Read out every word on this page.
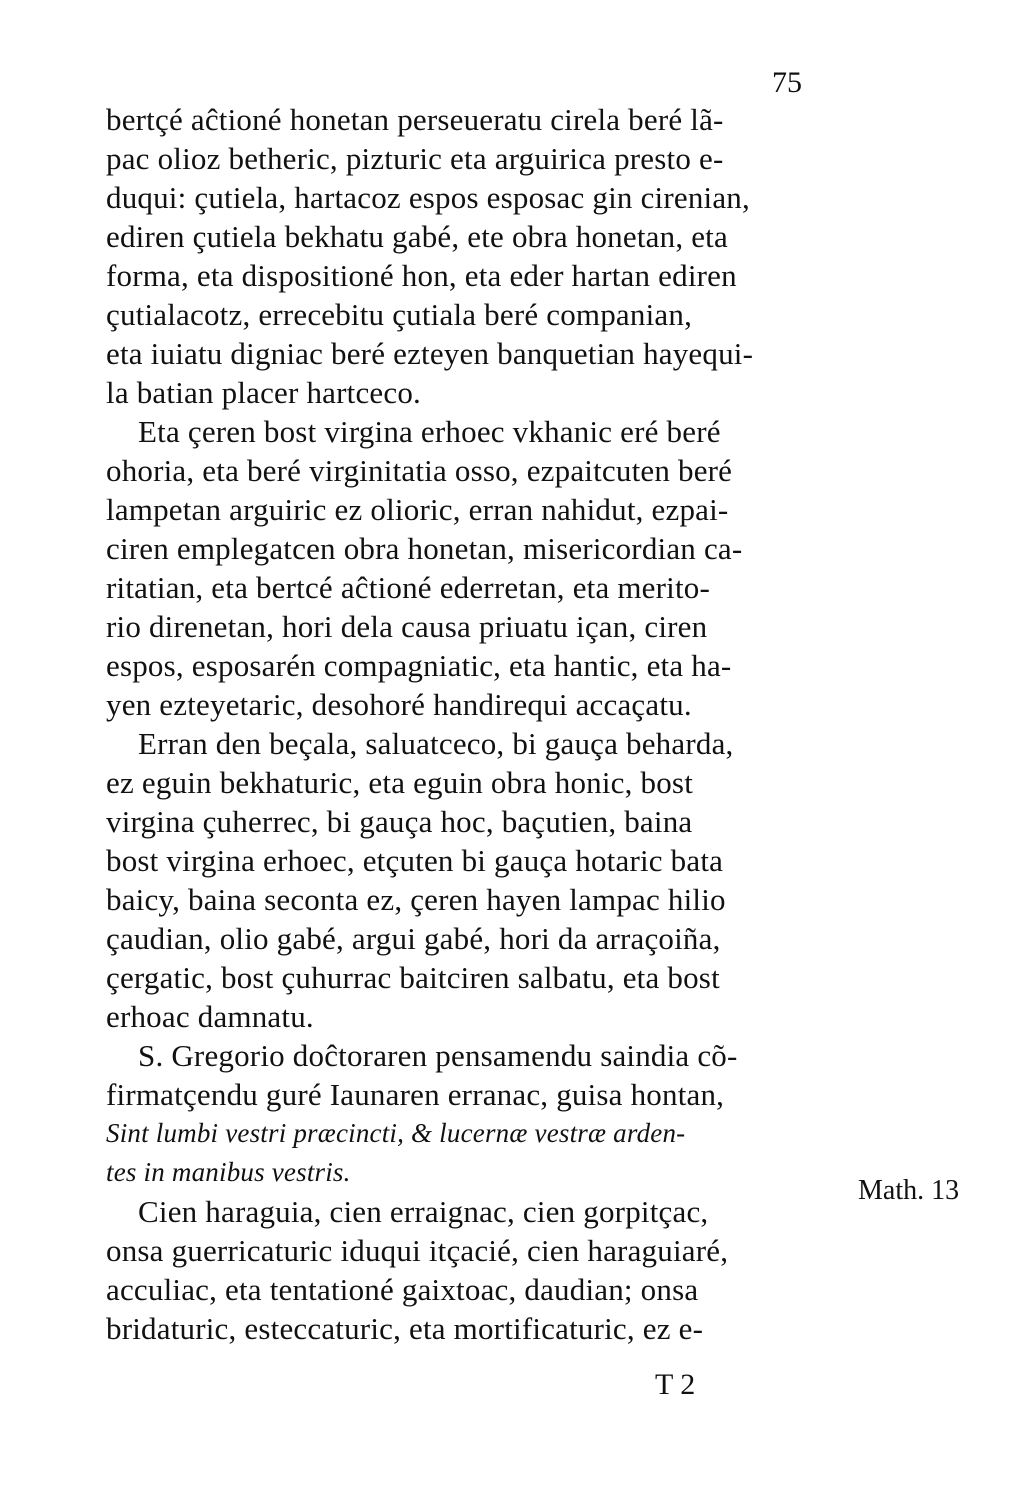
75
bertçé aĉtioné honetan perseueratu cirela beré lã-
pac olioz betheric, pizturic eta arguirica presto e-
duqui: çutiela, hartacoz espos esposac gin cirenian,
ediren çutiela bekhatu gabé, ete obra honetan, eta
forma, eta dispositioné hon, eta eder hartan ediren
çutialacotz, errecebitu çutiala beré companian,
eta iuiatu digniac beré ezteyen banquetian hayequi-
la batian placer hartceco.
Eta çeren bost virgina erhoec vkhanic eré beré
ohoria, eta beré virginitatia osso, ezpaitcuten beré
lampetan arguiric ez olioric, erran nahidut, ezpai-
ciren emplegatcen obra honetan, misericordian ca-
ritatian, eta bertcé aĉtioné ederretan, eta merito-
rio direnetan, hori dela causa priuatu içan, ciren
espos, esposarén compagniatic, eta hantic, eta ha-
yen ezteyetaric, desohoré handirequi accaçatu.
Erran den beçala, saluatceco, bi gauça beharda,
ez eguin bekhaturic, eta eguin obra honic, bost
virgina çuherrec, bi gauça hoc, baçutien, baina
bost virgina erhoec, etçuten bi gauça hotaric bata
baicy, baina seconta ez, çeren hayen lampac hilio
çaudian, olio gabé, argui gabé, hori da arraçoiña,
çergatic, bost çuhurrac baitciren salbatu, eta bost
erhoac damnatu.
S. Gregorio doĉtoraren pensamendu saindia cõ-
firmatçendu guré Iaunaren erranac, guisa hontan,
Sint lumbi vestri præcincti, & lucernæ vestræ arden-
tes in manibus vestris.
Cien haraguia, cien erraignac, cien gorpitçac,
onsa guerricaturic iduqui itçacié, cien haraguiaré,
acculiac, eta tentationé gaixtoac, daudian; onsa
bridaturic, esteccaturic, eta mortificaturic, ez e-
Math. 13
T 2
